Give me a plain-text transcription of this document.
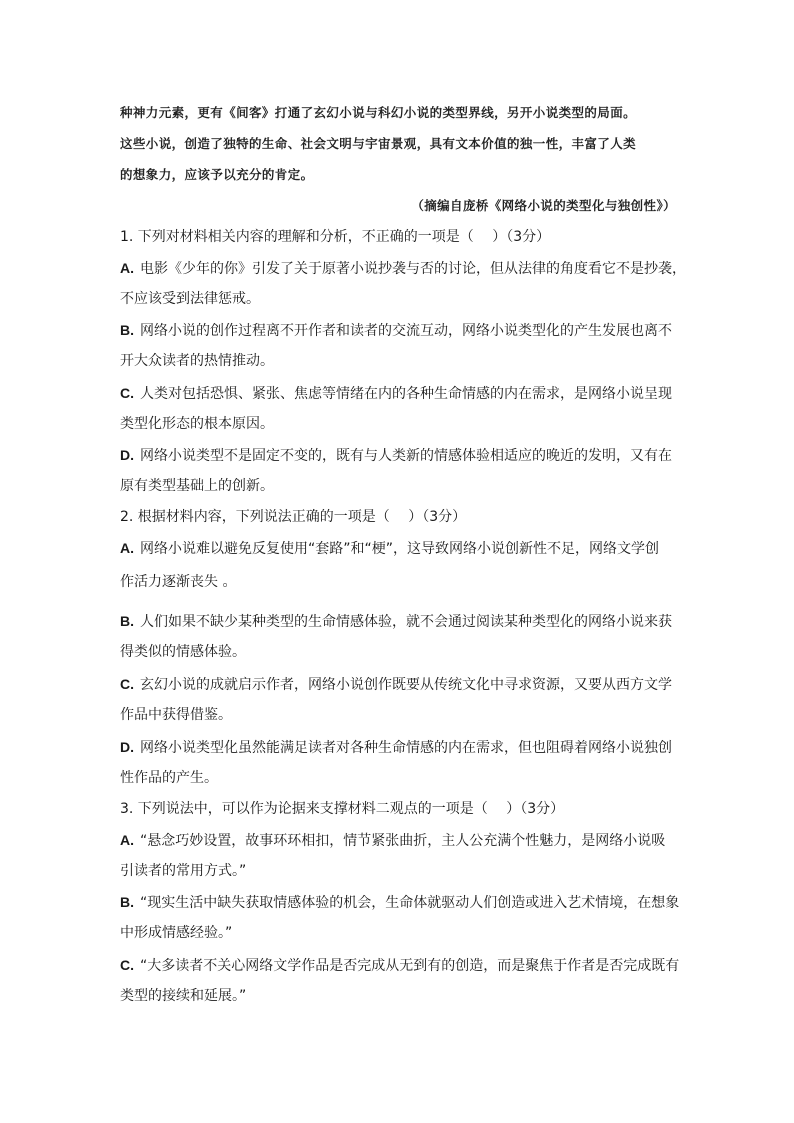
种神力元素，更有《间客》打通了玄幻小说与科幻小说的类型界线，另开小说类型的局面。
这些小说，创造了独特的生命、社会文明与宇宙景观，具有文本价值的独一性，丰富了人类
的想象力，应该予以充分的肯定。
（摘编自庞桥《网络小说的类型化与独创性》）
1. 下列对材料相关内容的理解和分析，不正确的一项是（　 ）（3分）
A. 电影《少年的你》引发了关于原著小说抄袭与否的讨论，但从法律的角度看它不是抄袭，
不应该受到法律惩戒。
B. 网络小说的创作过程离不开作者和读者的交流互动，网络小说类型化的产生发展也离不
开大众读者的热情推动。
C. 人类对包括恐惧、紧张、焦虑等情绪在内的各种生命情感的内在需求，是网络小说呈现
类型化形态的根本原因。
D. 网络小说类型不是固定不变的，既有与人类新的情感体验相适应的晚近的发明，又有在
原有类型基础上的创新。
2. 根据材料内容，下列说法正确的一项是（　 ）（3分）
A. 网络小说难以避免反复使用“套路”和“梗”，这导致网络小说创新性不足，网络文学创
作活力逐渐丧失 。
B. 人们如果不缺少某种类型的生命情感体验，就不会通过阅读某种类型化的网络小说来获
得类似的情感体验。
C. 玄幻小说的成就启示作者，网络小说创作既要从传统文化中寻求资源，又要从西方文学
作品中获得借鉴。
D. 网络小说类型化虽然能满足读者对各种生命情感的内在需求，但也阻碍着网络小说独创
性作品的产生。
3. 下列说法中，可以作为论据来支撑材料二观点的一项是（　 ）（3分）
A. “悬念巧妙设置，故事环环相扣，情节紧张曲折，主人公充满个性魅力，是网络小说吸
引读者的常用方式。”
B. “现实生活中缺失获取情感体验的机会，生命体就驱动人们创造或进入艺术情境，在想象
中形成情感经验。”
C. “大多读者不关心网络文学作品是否完成从无到有的创造，而是聚焦于作者是否完成既有
类型的接续和延展。”
